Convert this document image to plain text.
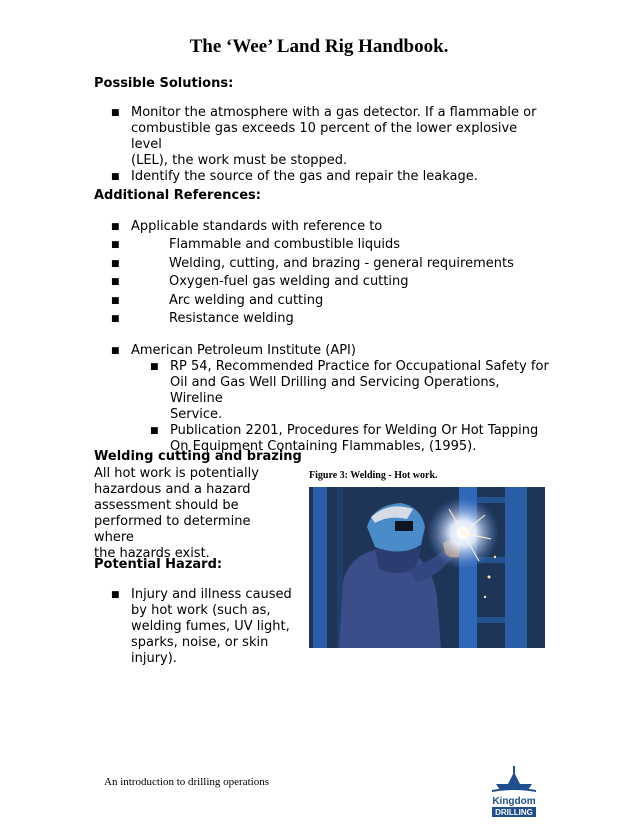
The ‘Wee’ Land Rig Handbook.
Possible Solutions:
■ Monitor the atmosphere with a gas detector. If a flammable or
combustible gas exceeds 10 percent of the lower explosive level
(LEL), the work must be stopped.
■ Identify the source of the gas and repair the leakage.
Additional References:
■ Applicable standards with reference to
■	Flammable and combustible liquids
■	Welding, cutting, and brazing - general requirements
■	Oxygen-fuel gas welding and cutting
■	Arc welding and cutting
■	Resistance welding
■ American Petroleum Institute (API)
■ RP 54, Recommended Practice for Occupational Safety for
Oil and Gas Well Drilling and Servicing Operations, Wireline
Service.
■ Publication 2201, Procedures for Welding Or Hot Tapping
On Equipment Containing Flammables, (1995).
Welding cutting and brazing

All hot work is potentially
hazardous and a hazard
assessment should be
performed to determine where
the hazards exist.

Potential Hazard:
■ Injury and illness caused
by hot work (such as,
welding fumes, UV light,
sparks, noise, or skin
injury).

Figure 3: Welding - Hot work.

An introduction to drilling operations

Kingdom
DRILLING
